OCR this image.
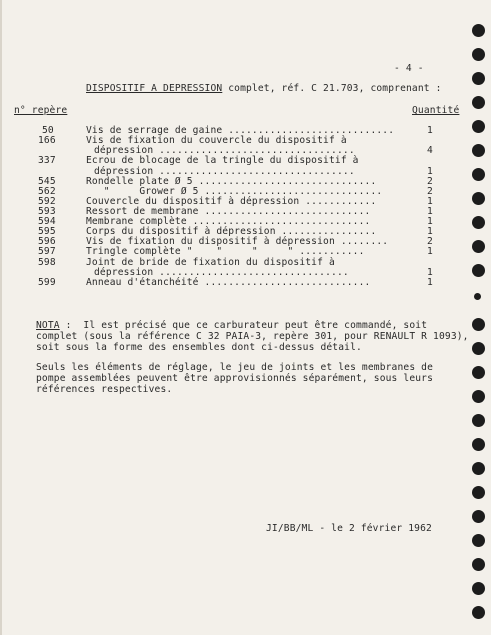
- 4 -
DISPOSITIF A DEPRESSION complet, réf. C 21.703, comprenant :
n° repère	Quantité
50	Vis de serrage de gaine ............................	1
166	Vis de fixation du couvercle du dispositif à
dépression .................................	4
337	Ecrou de blocage de la tringle du dispositif à
dépression .................................	1
545	Rondelle plate Ø 5 ..............................	2
562	"     Grower Ø 5 ..............................	2
592	Couvercle du dispositif à dépression ............	1
593	Ressort de membrane ............................	1
594	Membrane complète ..............................	1
595	Corps du dispositif à dépression ................	1
596	Vis de fixation du dispositif à dépression ........	2
597	Tringle complète "    "     "     " ...........	1
598	Joint de bride de fixation du dispositif à
dépression ................................	1
599	Anneau d'étanchéité ............................	1
NOTA :  Il est précisé que ce carburateur peut être commandé, soit
complet (sous la référence C 32 PAIA-3, repère 301, pour RENAULT R 1093),
soit sous la forme des ensembles dont ci-dessus détail.
Seuls les éléments de réglage, le jeu de joints et les membranes de
pompe assemblées peuvent être approvisionnés séparément, sous leurs
références respectives.
JI/BB/ML - le 2 février 1962
